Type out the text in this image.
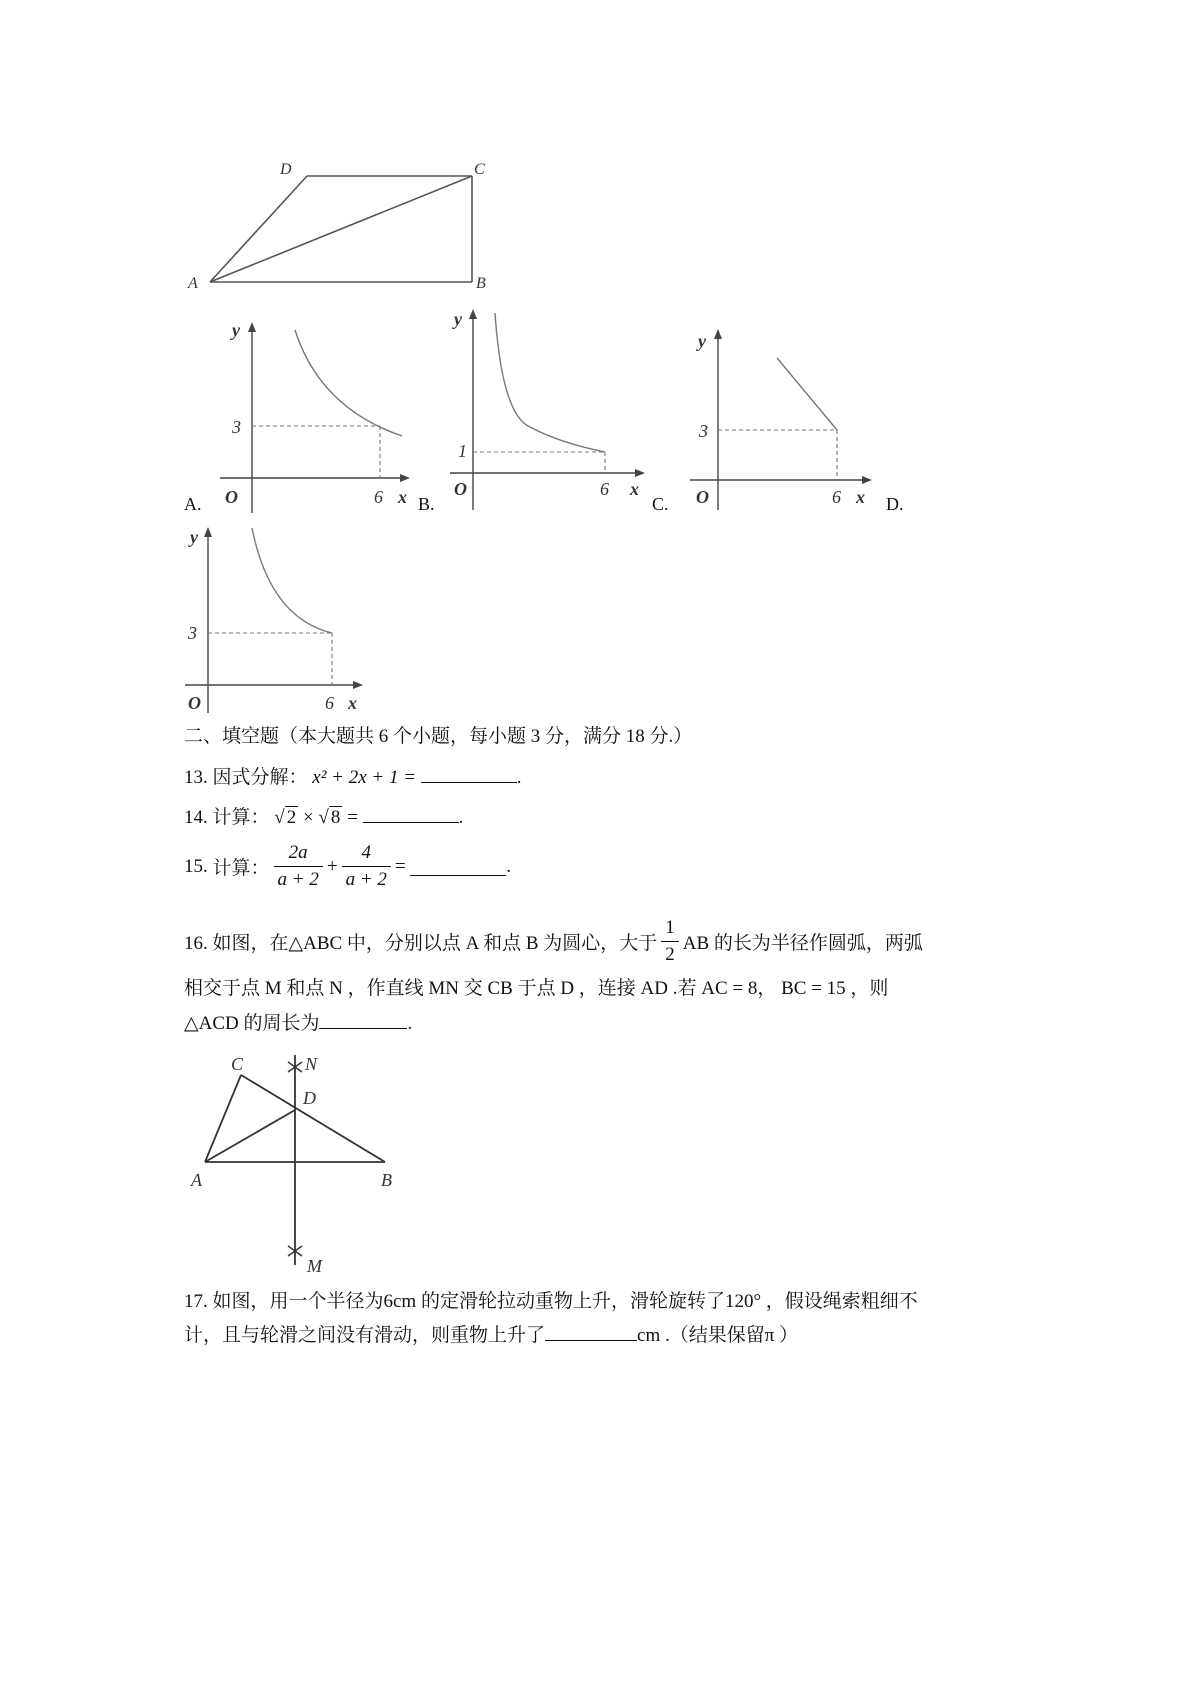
A	B
C
D
y
3
O	6 x
A.
y
1
O	6 x
B.
y
3
O	6 x
C.	D.
y
3
O	6 x
二、填空题（本大题共 6 个小题，每小题 3 分，满分 18 分.）
13. 因式分解： x² + 2x + 1 =	.
14. 计算： √ 2 × √ 8 =	.
15.
计算： $\frac{2a}{a + 2} + \frac{4}{a + 2}$ =
	.
16. 如图，在△ABC 中，分别以点 A 和点 B 为圆心，大于 $\frac{1}{2}$ AB 的长为半径作圆弧，两弧
相交于点 M 和点 N ，作直线 MN 交 CB 于点 D ，连接 AD .若 AC = 8， BC = 15 ，则
△ACD 的周长为	.
C	N
D
A	B
M
17. 如图，用一个半径为6cm 的定滑轮拉动重物上升，滑轮旋转了120° ，假设绳索粗细不
计，且与轮滑之间没有滑动，则重物上升了	cm .（结果保留π ）
